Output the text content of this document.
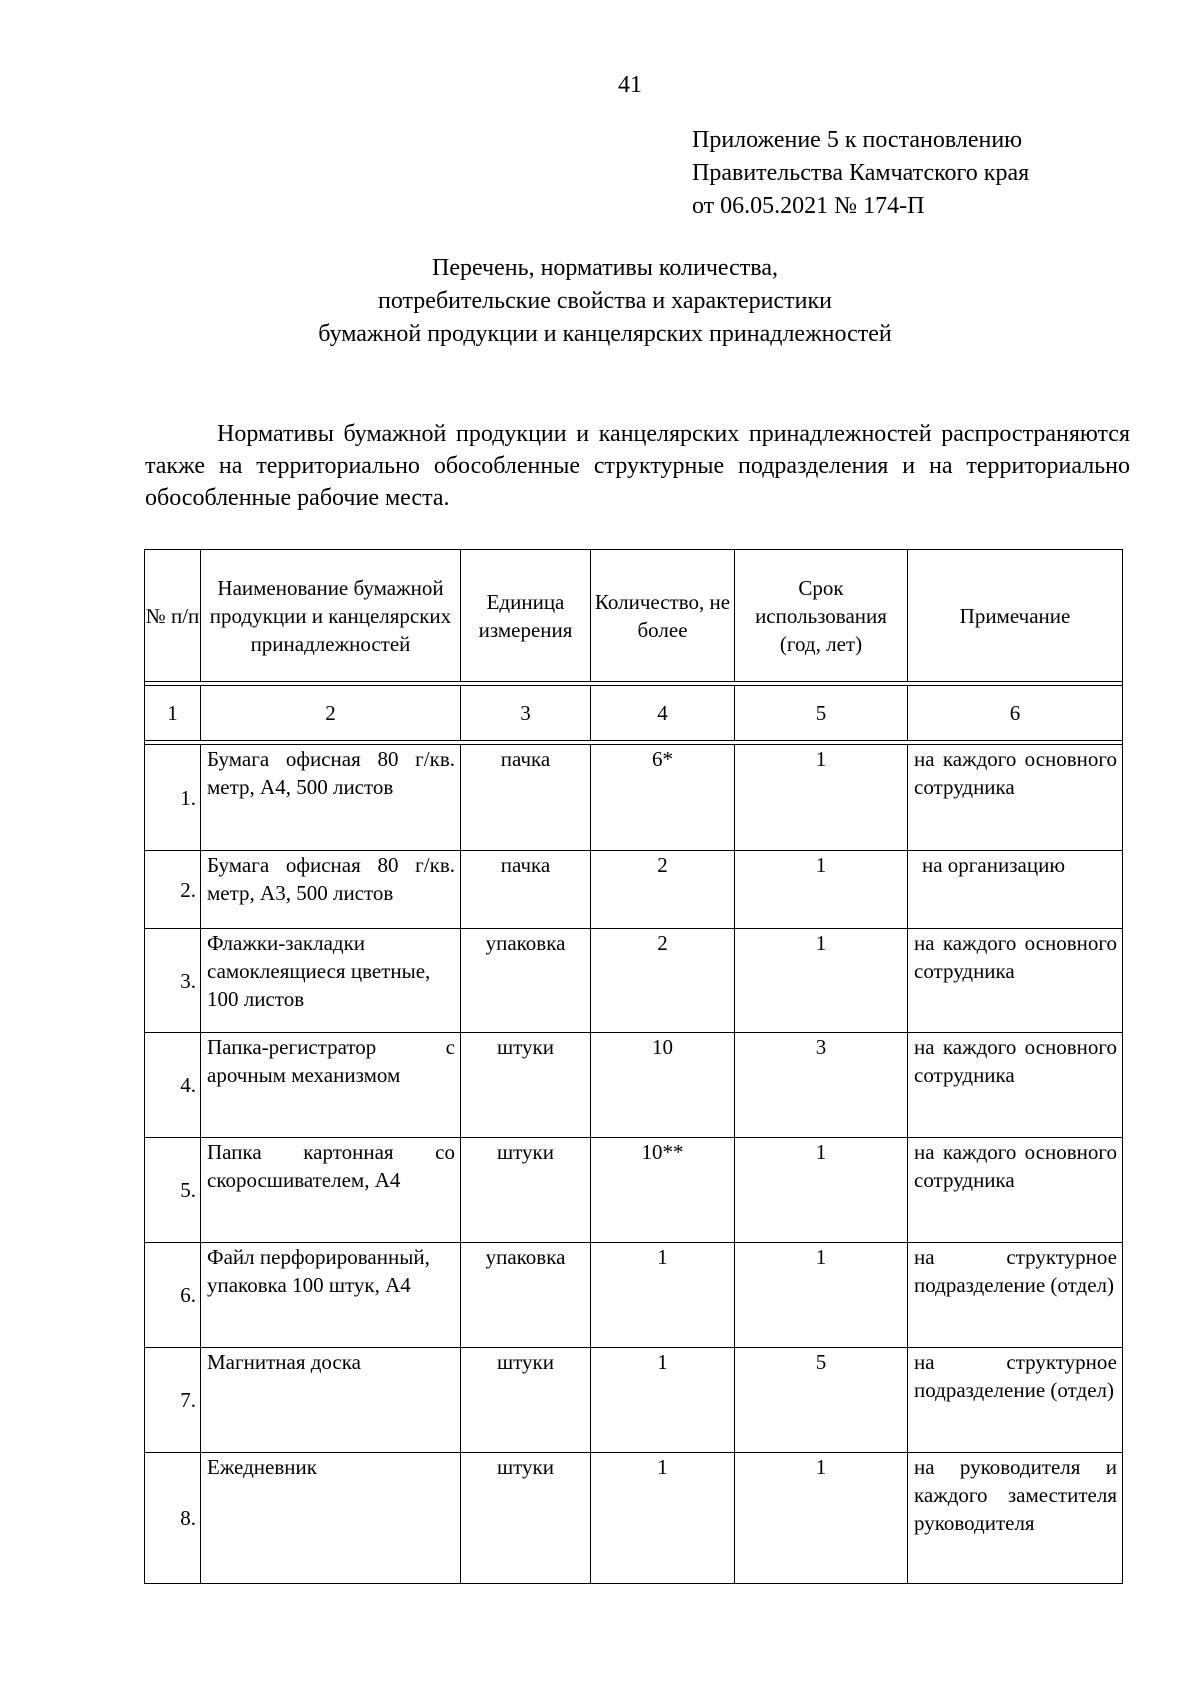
41
Приложение 5 к постановлению
Правительства Камчатского края
от 06.05.2021 № 174-П
Перечень, нормативы количества,
потребительские свойства и характеристики
бумажной продукции и канцелярских принадлежностей
Нормативы бумажной продукции и канцелярских принадлежностей распространяются также на территориально обособленные структурные подразделения и на территориально обособленные рабочие места.
№ п/п	Наименование бумажной продукции и канцелярских принадлежностей	Единица измерения	Количество, не более	Срок использования (год, лет)	Примечание

1	2	3	4	5	6

1.	Бумага офисная 80 г/кв. метр, А4, 500 листов	пачка	6*	1	на каждого основного сотрудника
2.	Бумага офисная 80 г/кв. метр, А3, 500 листов	пачка	2	1	на организацию
3.	Флажки-закладки самоклеящиеся цветные, 100 листов	упаковка	2	1	на каждого основного сотрудника
4.	Папка-регистратор с арочным механизмом	штуки	10	3	на каждого основного сотрудника
5.	Папка картонная со скоросшивателем, А4	штуки	10**	1	на каждого основного сотрудника
6.	Файл перфорированный, упаковка 100 штук, А4	упаковка	1	1	на структурное подразделение (отдел)
7.	Магнитная доска	штуки	1	5	на структурное подразделение (отдел)
8.	Ежедневник	штуки	1	1	на руководителя и каждого заместителя руководителя
